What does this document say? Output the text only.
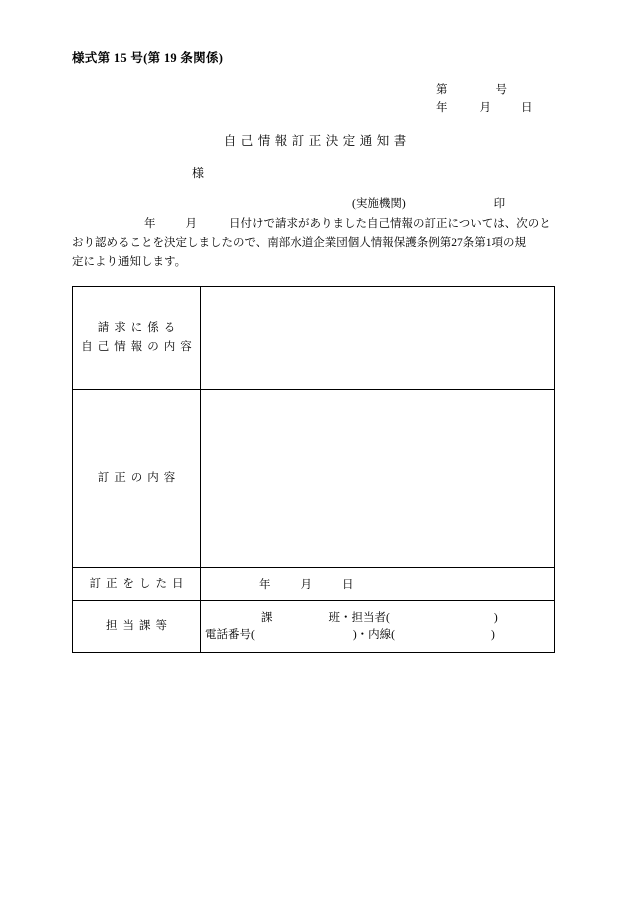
様式第 15 号(第 19 条関係)
第	号
年	月	日
自己情報訂正決定通知書
様
(実施機関)	印
年	月	日付けで請求がありました自己情報の訂正については、次のと
おり認めることを決定しましたので、南部水道企業団個人情報保護条例第27条第1項の規
定により通知します。
請求に係る
自己情報の内容	

訂正の内容	

訂正をした日	年 月 日

担当課等	課 班・担当者( )
電話番号( )・内線( )
